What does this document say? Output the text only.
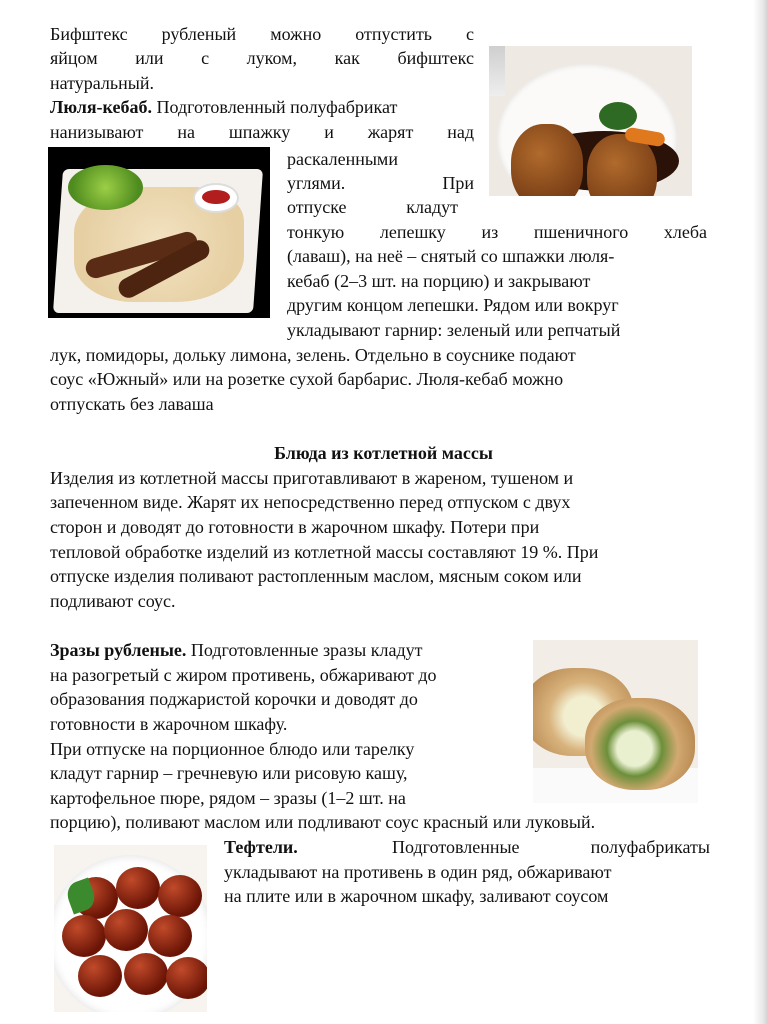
Бифштекс рубленый можно отпустить с

яйцом или с луком, как бифштекс

натуральный.

Люля-кебаб. Подготовленный полуфабрикат

нанизывают на шпажку и жарят над

раскаленными

углями.	При

отпуске	кладут

тонкую лепешку из пшеничного хлеба

(лаваш), на неё – снятый со шпажки люля-

кебаб (2–3 шт. на порцию) и закрывают

другим концом лепешки. Рядом или вокруг

укладывают гарнир: зеленый или репчатый

лук, помидоры, дольку лимона, зелень. Отдельно в соуснике подают

соус «Южный» или на розетке сухой барбарис. Люля-кебаб можно

отпускать без лаваша

Блюда из котлетной массы

Изделия из котлетной массы приготавливают в жареном, тушеном и

запеченном виде. Жарят их непосредственно перед отпуском с двух

сторон и доводят до готовности в жарочном шкафу. Потери при

тепловой обработке изделий из котлетной массы составляют 19 %. При

отпуске изделия поливают растопленным маслом, мясным соком или

подливают соус.

Зразы рубленые. Подготовленные зразы кладут

на разогретый с жиром противень, обжаривают до

образования поджаристой корочки и доводят до

готовности в жарочном шкафу.

При отпуске на порционное блюдо или тарелку

кладут гарнир – гречневую или рисовую кашу,

картофельное пюре, рядом – зразы (1–2 шт. на

порцию), поливают маслом или подливают соус красный или луковый.

Тефтели.	Подготовленные	полуфабрикаты

укладывают на противень в один ряд, обжаривают

на плите или в жарочном шкафу, заливают соусом
